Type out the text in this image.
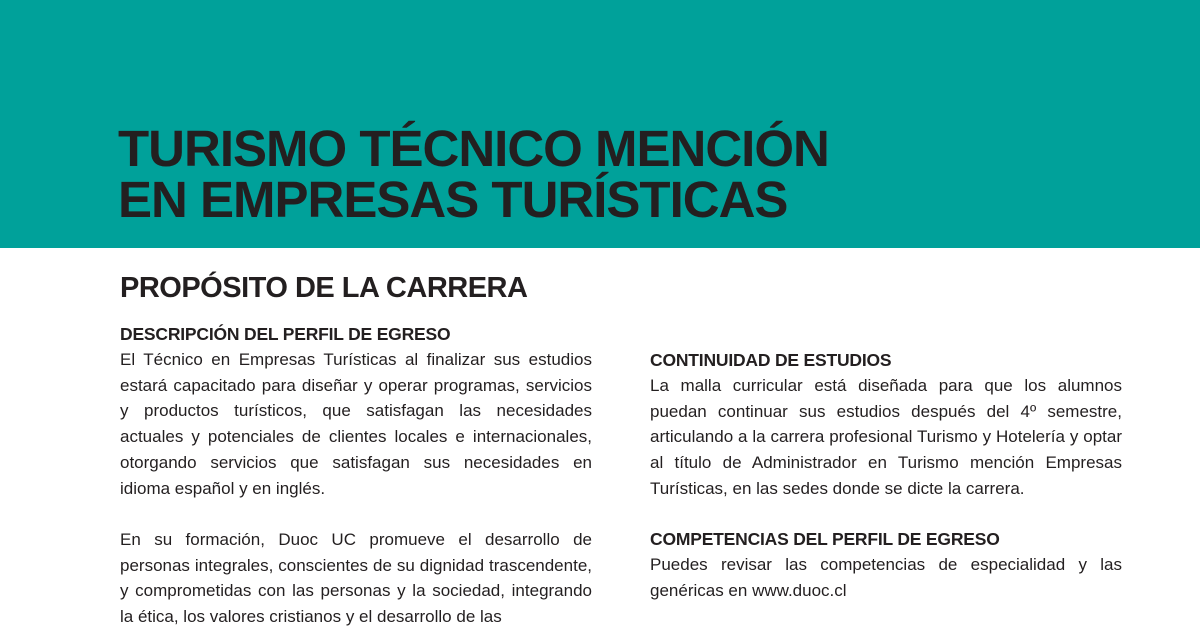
TURISMO TÉCNICO MENCIÓN
EN EMPRESAS TURÍSTICAS
PROPÓSITO DE LA CARRERA
DESCRIPCIÓN DEL PERFIL DE EGRESO

El Técnico en Empresas Turísticas al finalizar sus estudios estará capacitado para diseñar y operar programas, servicios y productos turísticos, que satisfagan las necesidades actuales y potenciales de clientes locales e internacionales, otorgando servicios que satisfagan sus necesidades en idioma español y en inglés.

En su formación, Duoc UC promueve el desarrollo de personas integrales, conscientes de su dignidad trascendente, y comprometidas con las personas y la sociedad, integrando la ética, los valores cristianos y el desarrollo de las

CONTINUIDAD DE ESTUDIOS

La malla curricular está diseñada para que los alumnos puedan continuar sus estudios después del 4º semestre, articulando a la carrera profesional Turismo y Hotelería y optar al título de Administrador en Turismo mención Empresas Turísticas, en las sedes donde se dicte la carrera.

COMPETENCIAS DEL PERFIL DE EGRESO

Puedes revisar las competencias de especialidad y las genéricas en www.duoc.cl
